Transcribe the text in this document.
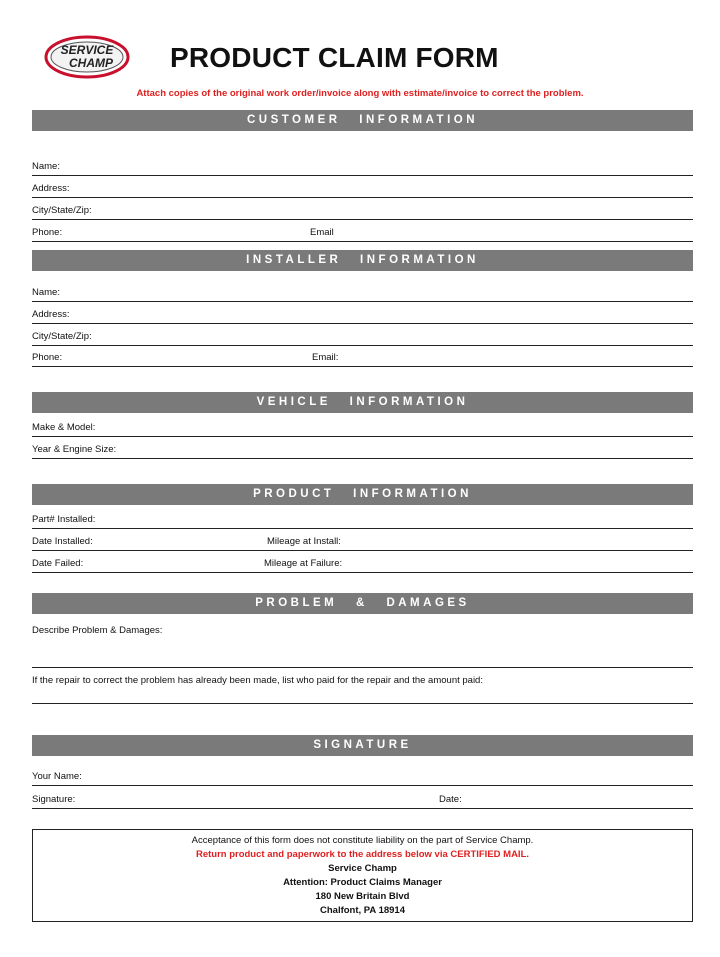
SERVICE
CHAMP PRODUCT CLAIM FORM
Attach copies of the original work order/invoice along with estimate/invoice to correct the problem.
CUSTOMER INFORMATION
Name:
Address:
City/State/Zip:
Phone:	Email
INSTALLER INFORMATION
Name:
Address:
City/State/Zip:
Phone:	Email:
VEHICLE INFORMATION
Make & Model:
Year & Engine Size:
PRODUCT INFORMATION
Part# Installed:
Date Installed:	Mileage at Install:
Date Failed:	Mileage at Failure:
PROBLEM & DAMAGES
Describe Problem & Damages:
If the repair to correct the problem has already been made, list who paid for the repair and the amount paid:
SIGNATURE
Your Name:
Signature:	Date:
Acceptance of this form does not constitute liability on the part of Service Champ.
Return product and paperwork to the address below via CERTIFIED MAIL.
Service Champ
Attention: Product Claims Manager
180 New Britain Blvd
Chalfont, PA 18914
